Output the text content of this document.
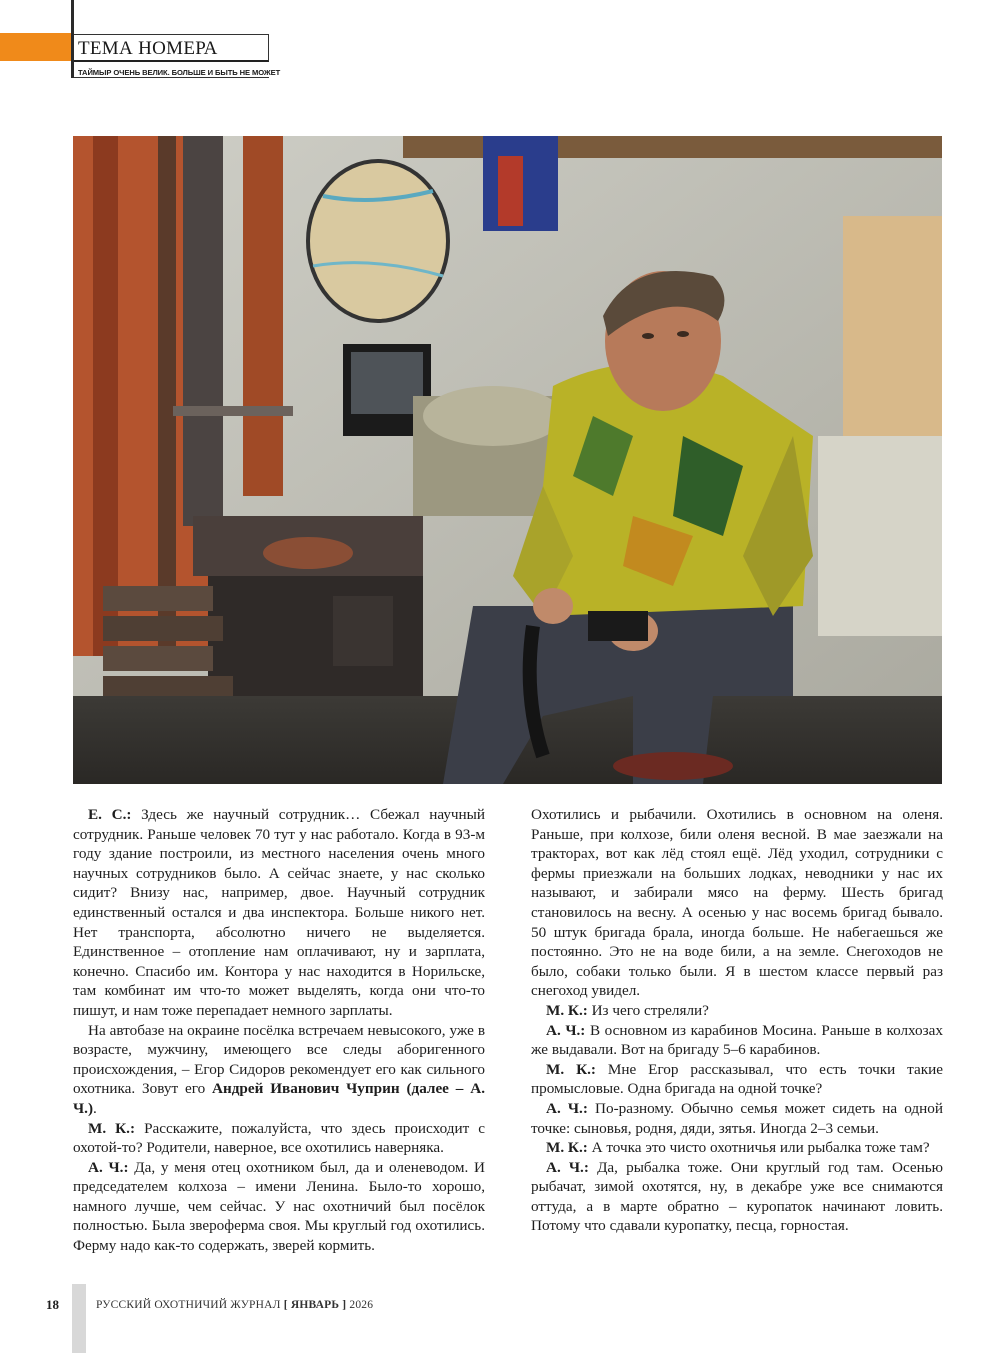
ТЕМА НОМЕРА
ТАЙМЫР ОЧЕНЬ ВЕЛИК. БОЛЬШЕ И БЫТЬ НЕ МОЖЕТ

Е. С.: Здесь же научный сотрудник… Сбежал научный сотрудник. Раньше человек 70 тут у нас работало. Когда в 93-м году здание построили, из местного населения очень много научных сотрудников было. А сейчас знаете, у нас сколько сидит? Внизу нас, например, двое. Научный сотрудник единственный остался и два инспектора. Больше никого нет. Нет транспорта, абсолютно ничего не выделяется. Единственное – отопление нам оплачивают, ну и зарплата, конечно. Спасибо им. Контора у нас находится в Норильске, там комбинат им что-то может выделять, когда они что-то пишут, и нам тоже перепадает немного зарплаты.

На автобазе на окраине посёлка встречаем невысокого, уже в возрасте, мужчину, имеющего все следы аборигенного происхождения, – Егор Сидоров рекомендует его как сильного охотника. Зовут его Андрей Иванович Чуприн (далее – А. Ч.).

М. К.: Расскажите, пожалуйста, что здесь происходит с охотой-то? Родители, наверное, все охотились наверняка.

А. Ч.: Да, у меня отец охотником был, да и оленеводом. И председателем колхоза – имени Ленина. Было-то хорошо, намного лучше, чем сейчас. У нас охотничий был посёлок полностью. Была звероферма своя. Мы круглый год охотились. Ферму надо как-то содержать, зверей кормить.

Охотились и рыбачили. Охотились в основном на оленя. Раньше, при колхозе, били оленя весной. В мае заезжали на тракторах, вот как лёд стоял ещё. Лёд уходил, сотрудники с фермы приезжали на больших лодках, неводники у нас их называют, и забирали мясо на ферму. Шесть бригад становилось на весну. А осенью у нас восемь бригад бывало. 50 штук бригада брала, иногда больше. Не набегаешься же постоянно. Это не на воде били, а на земле. Снегоходов не было, собаки только были. Я в шестом классе первый раз снегоход увидел.

М. К.: Из чего стреляли?

А. Ч.: В основном из карабинов Мосина. Раньше в колхозах же выдавали. Вот на бригаду 5–6 карабинов.

М. К.: Мне Егор рассказывал, что есть точки такие промысловые. Одна бригада на одной точке?

А. Ч.: По-разному. Обычно семья может сидеть на одной точке: сыновья, родня, дяди, зятья. Иногда 2–3 семьи.

М. К.: А точка это чисто охотничья или рыбалка тоже там?

А. Ч.: Да, рыбалка тоже. Они круглый год там. Осенью рыбачат, зимой охотятся, ну, в декабре уже все снимаются оттуда, а в марте обратно – куропаток начинают ловить. Потому что сдавали куропатку, песца, горностая.

18	РУССКИЙ ОХОТНИЧИЙ ЖУРНАЛ [ ЯНВАРЬ ] 2026
